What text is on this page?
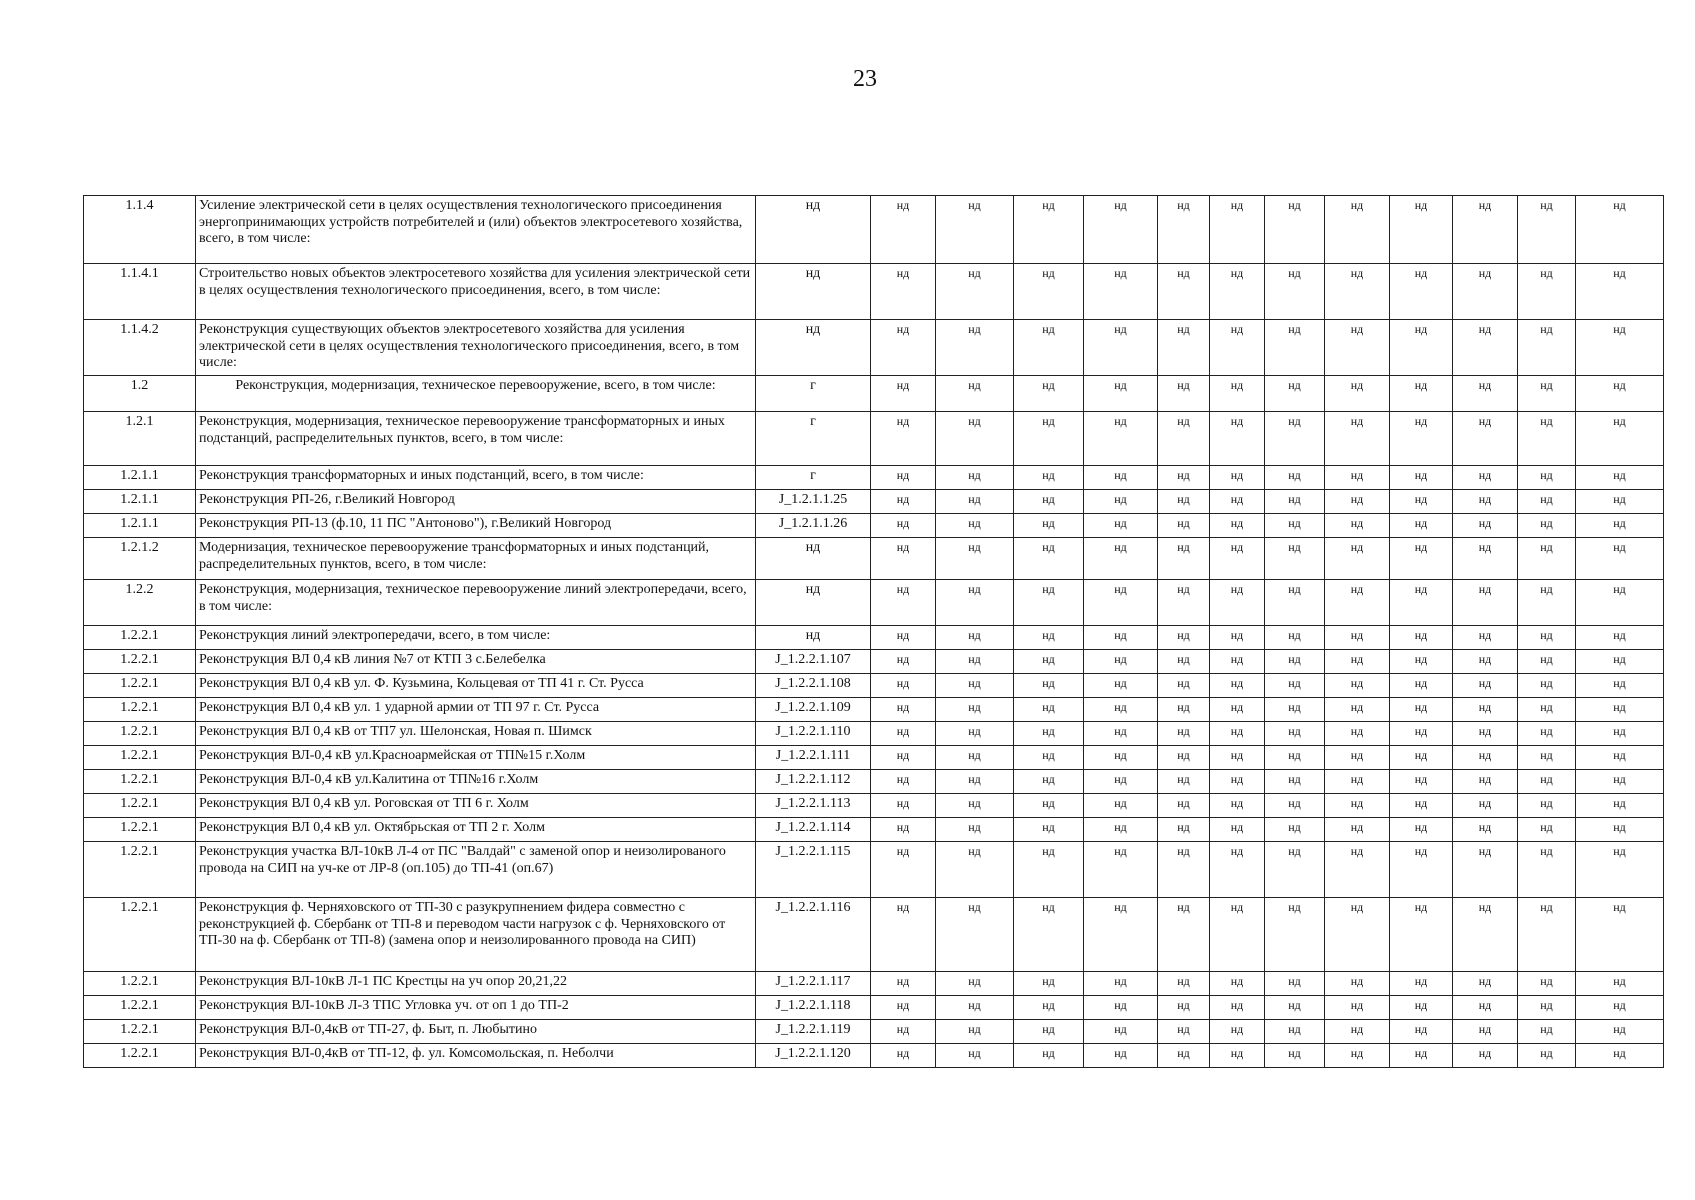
23
1.1.4	Усиление электрической сети в целях осуществления технологического присоединения энергопринимающих устройств потребителей и (или) объектов электросетевого хозяйства, всего, в том числе:	нд	нд	нд	нд	нд	нд	нд	нд	нд	нд	нд	нд	нд
1.1.4.1	Строительство новых объектов электросетевого хозяйства для усиления электрической сети в целях осуществления технологического присоединения, всего, в том числе:	нд	нд	нд	нд	нд	нд	нд	нд	нд	нд	нд	нд	нд
1.1.4.2	Реконструкция существующих объектов электросетевого хозяйства для усиления электрической сети в целях осуществления технологического присоединения, всего, в том числе:	нд	нд	нд	нд	нд	нд	нд	нд	нд	нд	нд	нд	нд
1.2	Реконструкция, модернизация, техническое перевооружение, всего, в том числе:	г	нд	нд	нд	нд	нд	нд	нд	нд	нд	нд	нд	нд
1.2.1	Реконструкция, модернизация, техническое перевооружение трансформаторных и иных подстанций, распределительных пунктов, всего, в том числе:	г	нд	нд	нд	нд	нд	нд	нд	нд	нд	нд	нд	нд
1.2.1.1	Реконструкция трансформаторных и иных подстанций, всего, в том числе:	г	нд	нд	нд	нд	нд	нд	нд	нд	нд	нд	нд	нд
1.2.1.1	Реконструкция РП-26, г.Великий Новгород	J_1.2.1.1.25	нд	нд	нд	нд	нд	нд	нд	нд	нд	нд	нд	нд
1.2.1.1	Реконструкция РП-13 (ф.10, 11 ПС "Антоново"), г.Великий Новгород	J_1.2.1.1.26	нд	нд	нд	нд	нд	нд	нд	нд	нд	нд	нд	нд
1.2.1.2	Модернизация, техническое перевооружение трансформаторных и иных подстанций, распределительных пунктов, всего, в том числе:	нд	нд	нд	нд	нд	нд	нд	нд	нд	нд	нд	нд	нд
1.2.2	Реконструкция, модернизация, техническое перевооружение линий электропередачи, всего, в том числе:	нд	нд	нд	нд	нд	нд	нд	нд	нд	нд	нд	нд	нд
1.2.2.1	Реконструкция линий электропередачи, всего, в том числе:	нд	нд	нд	нд	нд	нд	нд	нд	нд	нд	нд	нд	нд
1.2.2.1	Реконструкция ВЛ 0,4 кВ линия №7 от КТП 3 с.Белебелка	J_1.2.2.1.107	нд	нд	нд	нд	нд	нд	нд	нд	нд	нд	нд	нд
1.2.2.1	Реконструкция ВЛ 0,4 кВ ул. Ф. Кузьмина, Кольцевая от ТП 41 г. Ст. Русса	J_1.2.2.1.108	нд	нд	нд	нд	нд	нд	нд	нд	нд	нд	нд	нд
1.2.2.1	Реконструкция ВЛ 0,4 кВ ул. 1 ударной армии от ТП 97 г. Ст. Русса	J_1.2.2.1.109	нд	нд	нд	нд	нд	нд	нд	нд	нд	нд	нд	нд
1.2.2.1	Реконструкция ВЛ 0,4 кВ от ТП7 ул. Шелонская, Новая п. Шимск	J_1.2.2.1.110	нд	нд	нд	нд	нд	нд	нд	нд	нд	нд	нд	нд
1.2.2.1	Реконструкция ВЛ-0,4 кВ ул.Красноармейская от ТП№15 г.Холм	J_1.2.2.1.111	нд	нд	нд	нд	нд	нд	нд	нд	нд	нд	нд	нд
1.2.2.1	Реконструкция ВЛ-0,4 кВ ул.Калитина от ТП№16 г.Холм	J_1.2.2.1.112	нд	нд	нд	нд	нд	нд	нд	нд	нд	нд	нд	нд
1.2.2.1	Реконструкция ВЛ 0,4 кВ ул. Роговская от ТП 6 г. Холм	J_1.2.2.1.113	нд	нд	нд	нд	нд	нд	нд	нд	нд	нд	нд	нд
1.2.2.1	Реконструкция ВЛ 0,4 кВ ул. Октябрьская от ТП 2 г. Холм	J_1.2.2.1.114	нд	нд	нд	нд	нд	нд	нд	нд	нд	нд	нд	нд
1.2.2.1	Реконструкция участка ВЛ-10кВ Л-4 от ПС "Валдай" с заменой опор и неизолированого провода на СИП на уч-ке от ЛР-8 (оп.105) до ТП-41 (оп.67)	J_1.2.2.1.115	нд	нд	нд	нд	нд	нд	нд	нд	нд	нд	нд	нд
1.2.2.1	Реконструкция ф. Черняховского от ТП-30 с разукрупнением фидера совместно с реконструкцией ф. Сбербанк от ТП-8 и переводом части нагрузок с ф. Черняховского от ТП-30 на ф. Сбербанк от ТП-8) (замена опор и неизолированного провода на СИП)	J_1.2.2.1.116	нд	нд	нд	нд	нд	нд	нд	нд	нд	нд	нд	нд
1.2.2.1	Реконструкция ВЛ-10кВ Л-1 ПС Крестцы на уч опор 20,21,22	J_1.2.2.1.117	нд	нд	нд	нд	нд	нд	нд	нд	нд	нд	нд	нд
1.2.2.1	Реконструкция ВЛ-10кВ Л-3 ТПС Угловка уч. от оп 1 до ТП-2	J_1.2.2.1.118	нд	нд	нд	нд	нд	нд	нд	нд	нд	нд	нд	нд
1.2.2.1	Реконструкция ВЛ-0,4кВ от ТП-27, ф. Быт, п. Любытино	J_1.2.2.1.119	нд	нд	нд	нд	нд	нд	нд	нд	нд	нд	нд	нд
1.2.2.1	Реконструкция ВЛ-0,4кВ от ТП-12, ф. ул. Комсомольская, п. Неболчи	J_1.2.2.1.120	нд	нд	нд	нд	нд	нд	нд	нд	нд	нд	нд	нд
